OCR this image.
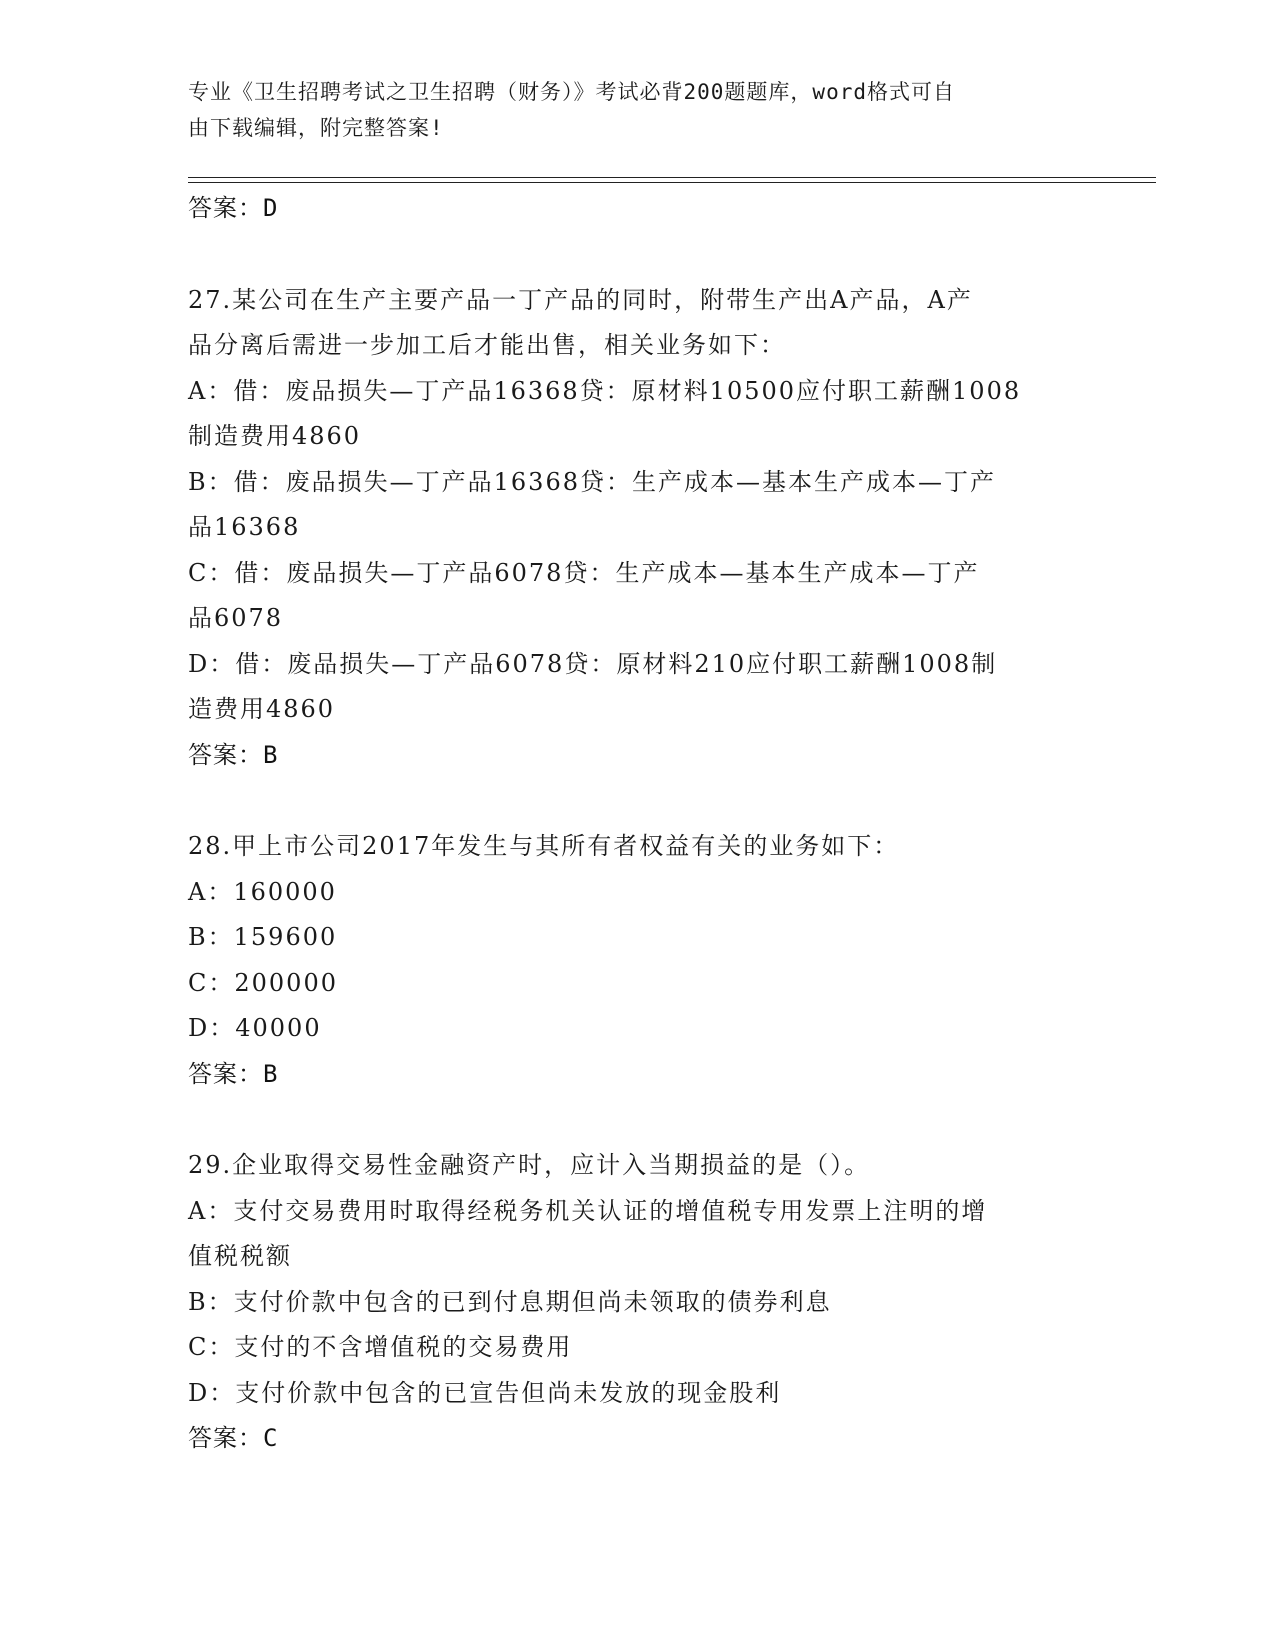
专业《卫生招聘考试之卫生招聘（财务）》考试必背200题题库，word格式可自
由下载编辑，附完整答案!
答案：D
27.某公司在生产主要产品一丁产品的同时，附带生产出A产品，A产
品分离后需进一步加工后才能出售，相关业务如下：
A：借：废品损失—丁产品16368贷：原材料10500应付职工薪酬1008
制造费用4860
B：借：废品损失—丁产品16368贷：生产成本—基本生产成本—丁产
品16368
C：借：废品损失—丁产品6078贷：生产成本—基本生产成本—丁产
品6078
D：借：废品损失—丁产品6078贷：原材料210应付职工薪酬1008制
造费用4860
答案：B
28.甲上市公司2017年发生与其所有者权益有关的业务如下：
A：160000
B：159600
C：200000
D：40000
答案：B
29.企业取得交易性金融资产时，应计入当期损益的是（）。
A：支付交易费用时取得经税务机关认证的增值税专用发票上注明的增
值税税额
B：支付价款中包含的已到付息期但尚未领取的债券利息
C：支付的不含增值税的交易费用
D：支付价款中包含的已宣告但尚未发放的现金股利
答案：C
